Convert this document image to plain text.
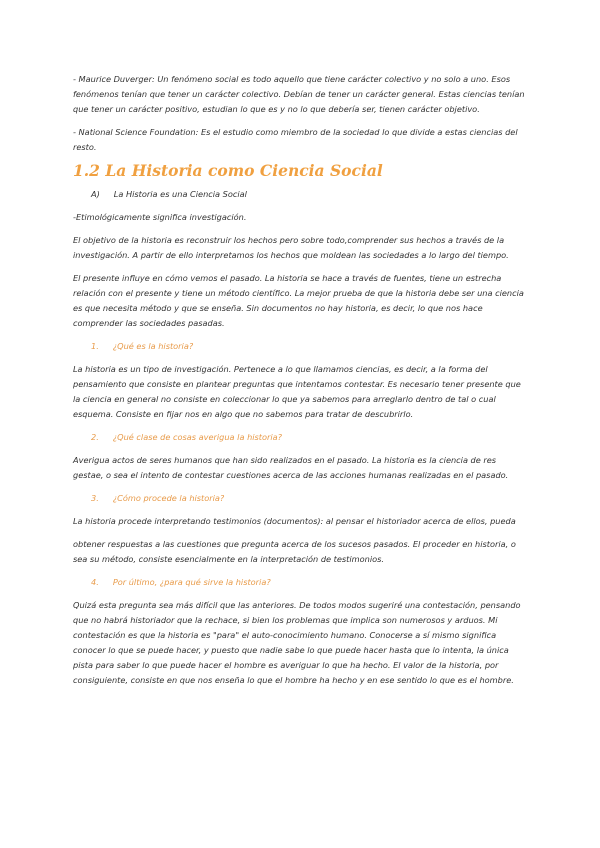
- Maurice Duverger: Un fenómeno social es todo aquello que tiene carácter colectivo y no solo a uno. Esos fenómenos tenían que tener un carácter colectivo. Debían de tener un carácter general. Estas ciencias tenían que tener un carácter positivo, estudian lo que es y no lo que debería ser, tienen carácter objetivo.

- National Science Foundation: Es el estudio como miembro de la sociedad lo que divide a estas ciencias del resto.

1.2 La Historia como Ciencia Social
A) La Historia es una Ciencia Social

-Etimológicamente significa investigación.

El objetivo de la historia es reconstruir los hechos pero sobre todo,comprender sus hechos a través de la investigación. A partir de ello interpretamos los hechos que moldean las sociedades a lo largo del tiempo.

El presente influye en cómo vemos el pasado. La historia se hace a través de fuentes, tiene un estrecha relación con el presente y tiene un método científico. La mejor prueba de que la historia debe ser una ciencia es que necesita método y que se enseña. Sin documentos no hay historia, es decir, lo que nos hace comprender las sociedades pasadas.

1. ¿Qué es la historia?

La historia es un tipo de investigación. Pertenece a lo que llamamos ciencias, es decir, a la forma del pensamiento que consiste en plantear preguntas que intentamos contestar. Es necesario tener presente que la ciencia en general no consiste en coleccionar lo que ya sabemos para arreglarlo dentro de tal o cual esquema. Consiste en fijar nos en algo que no sabemos para tratar de descubrirlo.

2. ¿Qué clase de cosas averigua la historia?

Averigua actos de seres humanos que han sido realizados en el pasado. La historia es la ciencia de res gestae, o sea el intento de contestar cuestiones acerca de las acciones humanas realizadas en el pasado.

3. ¿Cómo procede la historia?

La historia procede interpretando testimonios (documentos): al pensar el historiador acerca de ellos, pueda

obtener respuestas a las cuestiones que pregunta acerca de los sucesos pasados. El proceder en historia, o sea su método, consiste esencialmente en la interpretación de testimonios.

4. Por último, ¿para qué sirve la historia?

Quizá esta pregunta sea más difícil que las anteriores. De todos modos sugeriré una contestación, pensando que no habrá historiador que la rechace, si bien los problemas que implica son numerosos y arduos. Mi contestación es que la historia es "para" el auto-conocimiento humano. Conocerse a sí mismo significa conocer lo que se puede hacer, y puesto que nadie sabe lo que puede hacer hasta que lo intenta, la única pista para saber lo que puede hacer el hombre es averiguar lo que ha hecho. El valor de la historia, por consiguiente, consiste en que nos enseña lo que el hombre ha hecho y en ese sentido lo que es el hombre.
